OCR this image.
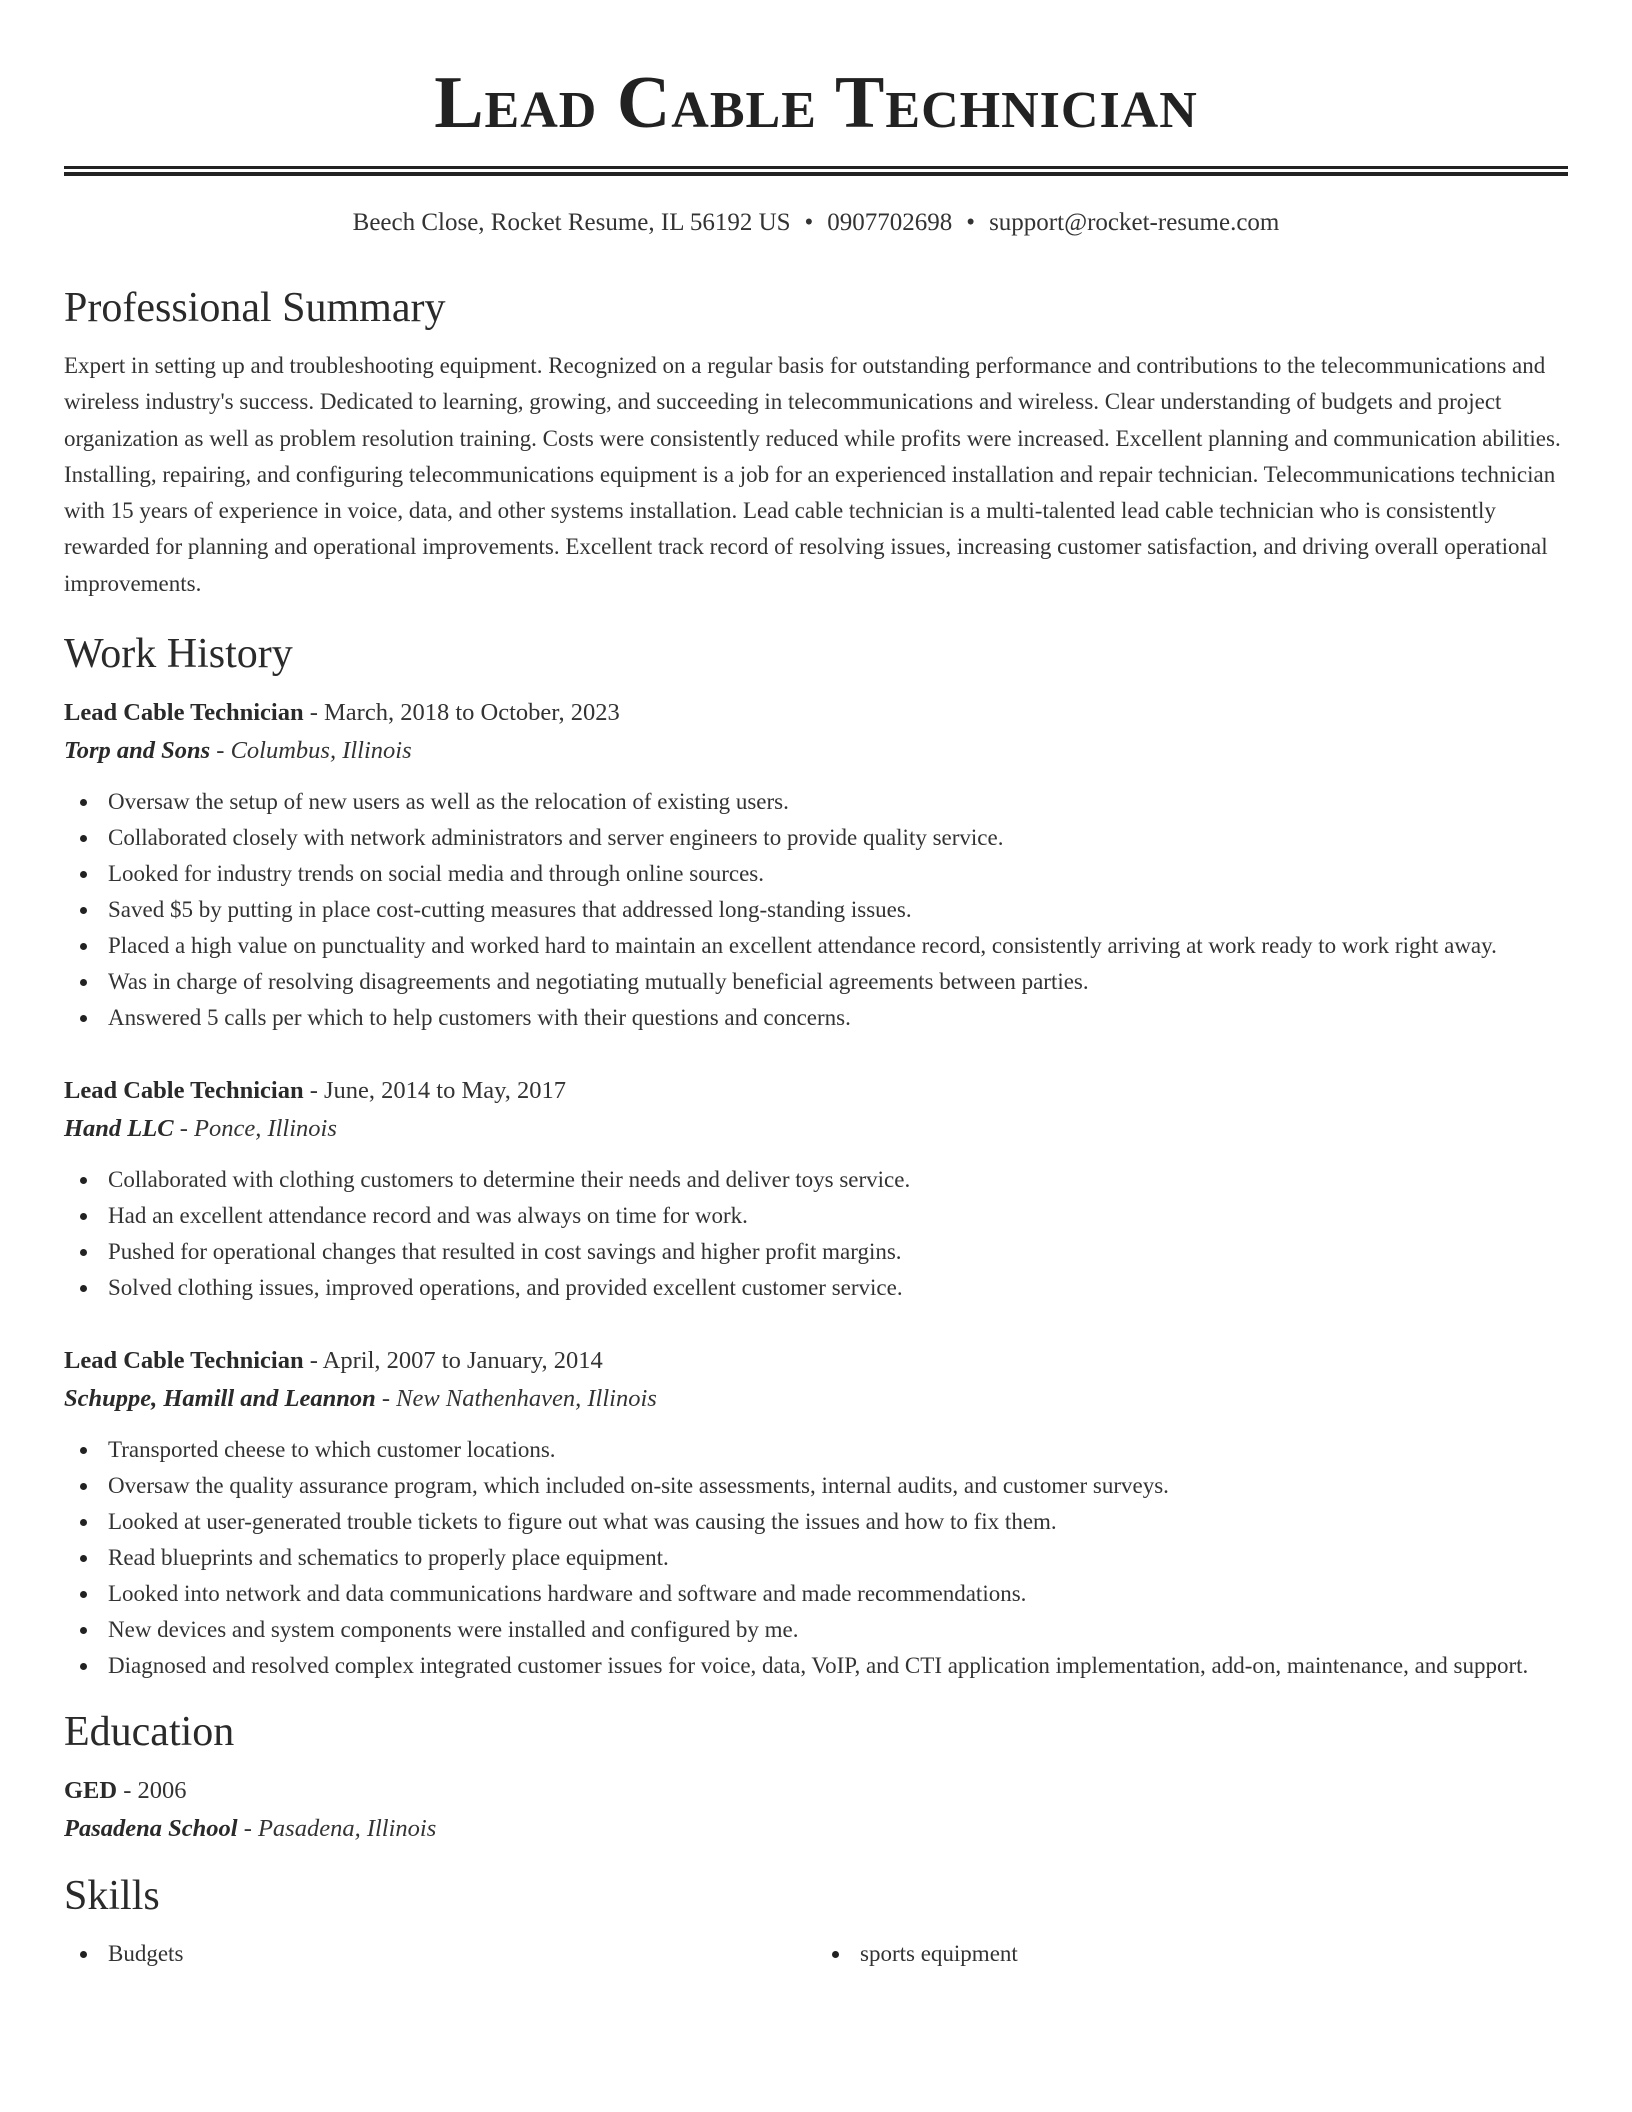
Lead Cable Technician
Beech Close, Rocket Resume, IL 56192 US • 0907702698 • support@rocket-resume.com
Professional Summary

Expert in setting up and troubleshooting equipment. Recognized on a regular basis for outstanding performance and contributions to the telecommunications and wireless industry's success. Dedicated to learning, growing, and succeeding in telecommunications and wireless. Clear understanding of budgets and project organization as well as problem resolution training. Costs were consistently reduced while profits were increased. Excellent planning and communication abilities. Installing, repairing, and configuring telecommunications equipment is a job for an experienced installation and repair technician. Telecommunications technician with 15 years of experience in voice, data, and other systems installation. Lead cable technician is a multi-talented lead cable technician who is consistently rewarded for planning and operational improvements. Excellent track record of resolving issues, increasing customer satisfaction, and driving overall operational improvements.

Work History
Lead Cable Technician - March, 2018 to October, 2023
Torp and Sons - Columbus, Illinois
Oversaw the setup of new users as well as the relocation of existing users.
Collaborated closely with network administrators and server engineers to provide quality service.
Looked for industry trends on social media and through online sources.
Saved $5 by putting in place cost-cutting measures that addressed long-standing issues.
Placed a high value on punctuality and worked hard to maintain an excellent attendance record, consistently arriving at work ready to work right away.
Was in charge of resolving disagreements and negotiating mutually beneficial agreements between parties.
Answered 5 calls per which to help customers with their questions and concerns.
Lead Cable Technician - June, 2014 to May, 2017
Hand LLC - Ponce, Illinois
Collaborated with clothing customers to determine their needs and deliver toys service.
Had an excellent attendance record and was always on time for work.
Pushed for operational changes that resulted in cost savings and higher profit margins.
Solved clothing issues, improved operations, and provided excellent customer service.
Lead Cable Technician - April, 2007 to January, 2014
Schuppe, Hamill and Leannon - New Nathenhaven, Illinois
Transported cheese to which customer locations.
Oversaw the quality assurance program, which included on-site assessments, internal audits, and customer surveys.
Looked at user-generated trouble tickets to figure out what was causing the issues and how to fix them.
Read blueprints and schematics to properly place equipment.
Looked into network and data communications hardware and software and made recommendations.
New devices and system components were installed and configured by me.
Diagnosed and resolved complex integrated customer issues for voice, data, VoIP, and CTI application implementation, add-on, maintenance, and support.
Education
GED - 2006
Pasadena School - Pasadena, Illinois
Skills
Budgets	sports equipment
